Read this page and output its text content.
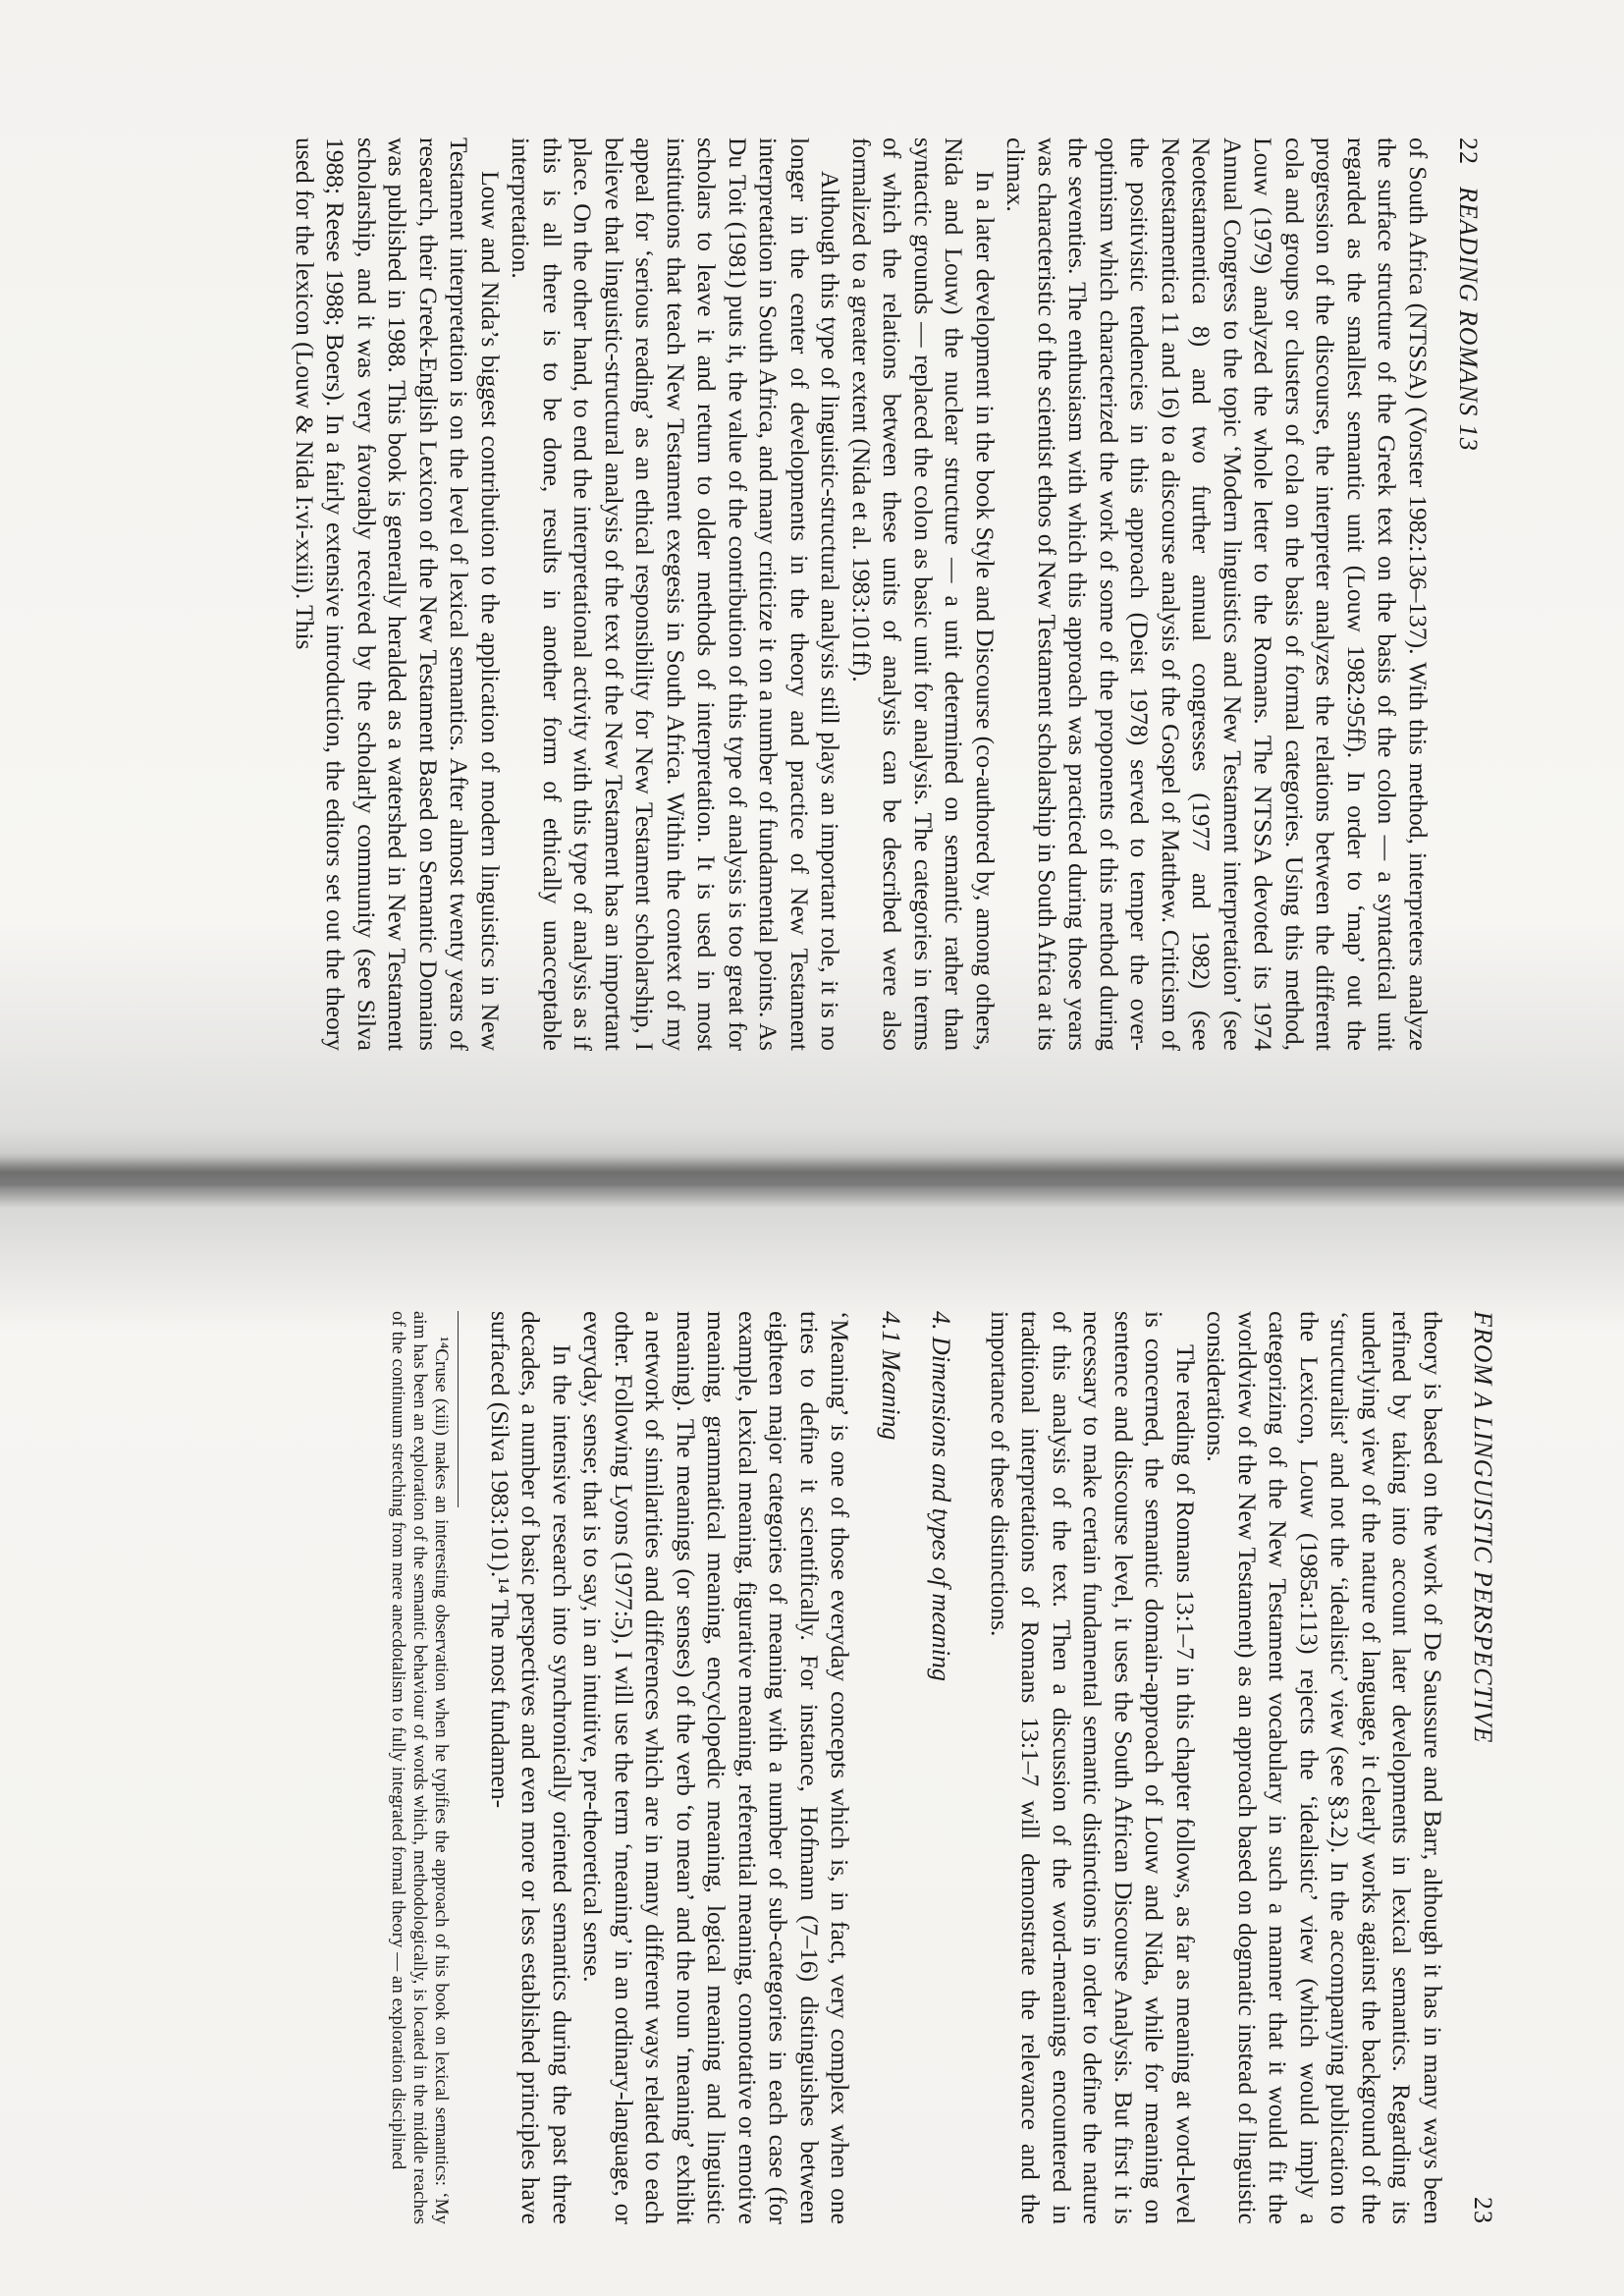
22
READING ROMANS 13

of South Africa (NTSSA) (Vorster 1982:136–137). With this method, interpreters analyze the surface structure of the Greek text on the basis of the colon — a syntactical unit regarded as the smallest semantic unit (Louw 1982:95ff). In order to ‘map’ out the progression of the discourse, the interpreter analyzes the relations between the different cola and groups or clusters of cola on the basis of formal categories. Using this method, Louw (1979) analyzed the whole letter to the Romans. The NTSSA devoted its 1974 Annual Congress to the topic ‘Modern linguistics and New Testament interpretation’ (see Neotestamentica 8) and two further annual congresses (1977 and 1982) (see Neotestamentica 11 and 16) to a discourse analysis of the Gospel of Matthew. Criticism of the positivistic tendencies in this approach (Deist 1978) served to temper the over-optimism which characterized the work of some of the proponents of this method during the seventies. The enthusiasm with which this approach was practiced during those years was characteristic of the scientist ethos of New Testament scholarship in South Africa at its climax.

In a later development in the book Style and Discourse (co-authored by, among others, Nida and Louw) the nuclear structure — a unit determined on semantic rather than syntactic grounds — replaced the colon as basic unit for analysis. The categories in terms of which the relations between these units of analysis can be described were also formalized to a greater extent (Nida et al. 1983:101ff).

Although this type of linguistic-structural analysis still plays an important role, it is no longer in the center of developments in the theory and practice of New Testament interpretation in South Africa, and many criticize it on a number of fundamental points. As Du Toit (1981) puts it, the value of the contribution of this type of analysis is too great for scholars to leave it and return to older methods of interpretation. It is used in most institutions that teach New Testament exegesis in South Africa. Within the context of my appeal for ‘serious reading’ as an ethical responsibility for New Testament scholarship, I believe that linguistic-structural analysis of the text of the New Testament has an important place. On the other hand, to end the interpretational activity with this type of analysis as if this is all there is to be done, results in another form of ethically unacceptable interpretation.

Louw and Nida’s biggest contribution to the application of modern linguistics in New Testament interpretation is on the level of lexical semantics. After almost twenty years of research, their Greek-English Lexicon of the New Testament Based on Semantic Domains was published in 1988. This book is generally heralded as a watershed in New Testament scholarship, and it was very favorably received by the scholarly community (see Silva 1988; Reese 1988; Boers). In a fairly extensive introduction, the editors set out the theory used for the lexicon (Louw & Nida I:vi-xxiii). This

FROM A LINGUISTIC PERSPECTIVE
23

theory is based on the work of De Saussure and Barr, although it has in many ways been refined by taking into account later developments in lexical semantics. Regarding its underlying view of the nature of language, it clearly works against the background of the ‘structuralist’ and not the ‘idealistic’ view (see §3.2). In the accompanying publication to the Lexicon, Louw (1985a:113) rejects the ‘idealistic’ view (which would imply a categorizing of the New Testament vocabulary in such a manner that it would fit the worldview of the New Testament) as an approach based on dogmatic instead of linguistic considerations.

The reading of Romans 13:1–7 in this chapter follows, as far as meaning at word-level is concerned, the semantic domain-approach of Louw and Nida, while for meaning on sentence and discourse level, it uses the South African Discourse Analysis. But first it is necessary to make certain fundamental semantic distinctions in order to define the nature of this analysis of the text. Then a discussion of the word-meanings encountered in traditional interpretations of Romans 13:1–7 will demonstrate the relevance and the importance of these distinctions.

4. Dimensions and types of meaning
4.1 Meaning

‘Meaning’ is one of those everyday concepts which is, in fact, very complex when one tries to define it scientifically. For instance, Hofmann (7–16) distinguishes between eighteen major categories of meaning with a number of sub-categories in each case (for example, lexical meaning, figurative meaning, referential meaning, connotative or emotive meaning, grammatical meaning, encyclopedic meaning, logical meaning and linguistic meaning). The meanings (or senses) of the verb ‘to mean’ and the noun ‘meaning’ exhibit a network of similarities and differences which are in many different ways related to each other. Following Lyons (1977:5), I will use the term ‘meaning’ in an ordinary-language, or everyday, sense; that is to say, in an intuitive, pre-theoretical sense.

In the intensive research into synchronically oriented semantics during the past three decades, a number of basic perspectives and even more or less established principles have surfaced (Silva 1983:101).¹⁴ The most fundamen-

¹⁴Cruse (xiii) makes an interesting observation when he typifies the approach of his book on lexical semantics: ‘My aim has been an exploration of the semantic behaviour of words which, methodologically, is located in the middle reaches of the continuum stretching from mere anecdotalism to fully integrated formal theory — an exploration disciplined
